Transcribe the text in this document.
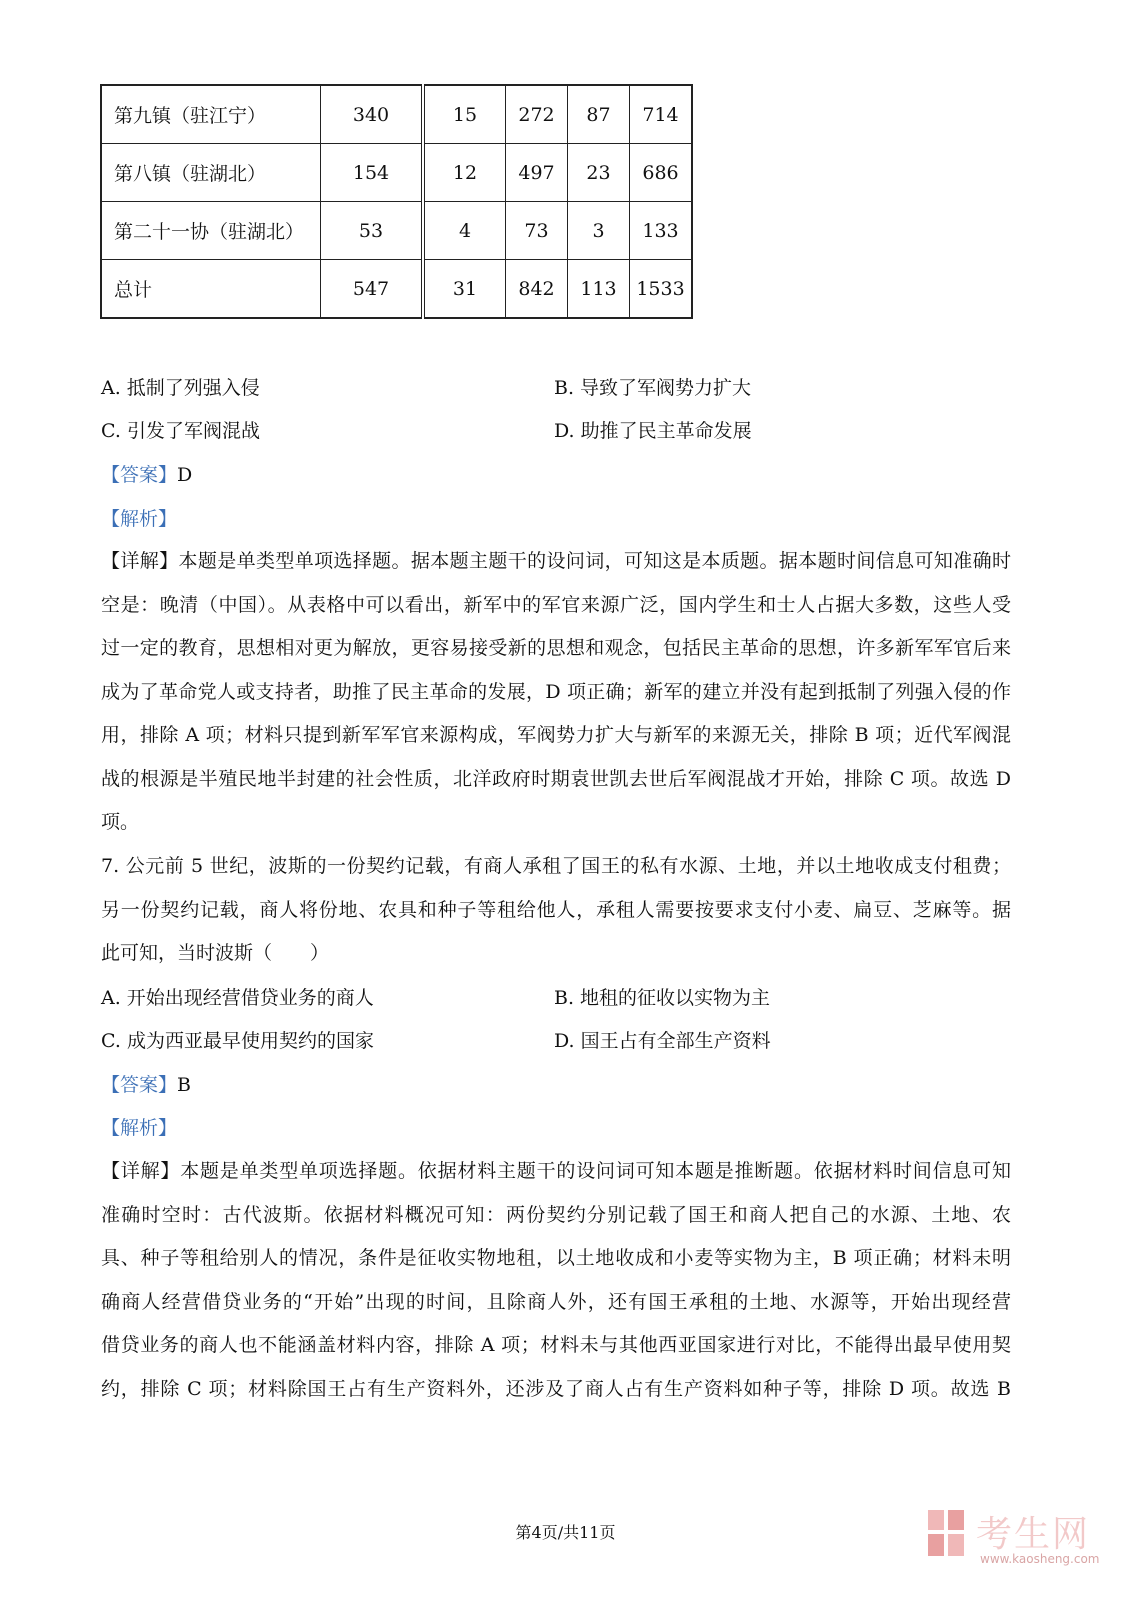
第九镇（驻江宁）	340	15	272	87	714
第八镇（驻湖北）	154	12	497	23	686
第二十一协（驻湖北）	53	4	73	3	133
总计	547	31	842	113	1533
A. 抵制了列强入侵	B. 导致了军阀势力扩大
C. 引发了军阀混战	D. 助推了民主革命发展
【答案】D
【解析】

【详解】本题是单类型单项选择题。据本题主题干的设问词，可知这是本质题。据本题时间信息可知准确时

空是：晚清（中国）。从表格中可以看出，新军中的军官来源广泛，国内学生和士人占据大多数，这些人受

过一定的教育，思想相对更为解放，更容易接受新的思想和观念，包括民主革命的思想，许多新军军官后来

成为了革命党人或支持者，助推了民主革命的发展，D 项正确；新军的建立并没有起到抵制了列强入侵的作

用，排除 A 项；材料只提到新军军官来源构成，军阀势力扩大与新军的来源无关，排除 B 项；近代军阀混

战的根源是半殖民地半封建的社会性质，北洋政府时期袁世凯去世后军阀混战才开始，排除 C 项。故选 D

项。

7. 公元前 5 世纪，波斯的一份契约记载，有商人承租了国王的私有水源、土地，并以土地收成支付租费；

另一份契约记载，商人将份地、农具和种子等租给他人，承租人需要按要求支付小麦、扁豆、芝麻等。据

此可知，当时波斯（　　）

A. 开始出现经营借贷业务的商人	B. 地租的征收以实物为主
C. 成为西亚最早使用契约的国家	D. 国王占有全部生产资料
【答案】B
【解析】

【详解】本题是单类型单项选择题。依据材料主题干的设问词可知本题是推断题。依据材料时间信息可知

准确时空时：古代波斯。依据材料概况可知：两份契约分别记载了国王和商人把自己的水源、土地、农

具、种子等租给别人的情况，条件是征收实物地租，以土地收成和小麦等实物为主，B 项正确；材料未明

确商人经营借贷业务的“开始”出现的时间，且除商人外，还有国王承租的土地、水源等，开始出现经营

借贷业务的商人也不能涵盖材料内容，排除 A 项；材料未与其他西亚国家进行对比，不能得出最早使用契

约，排除 C 项；材料除国王占有生产资料外，还涉及了商人占有生产资料如种子等，排除 D 项。故选 B

第4页/共11页	考生网
www.kaosheng.com
